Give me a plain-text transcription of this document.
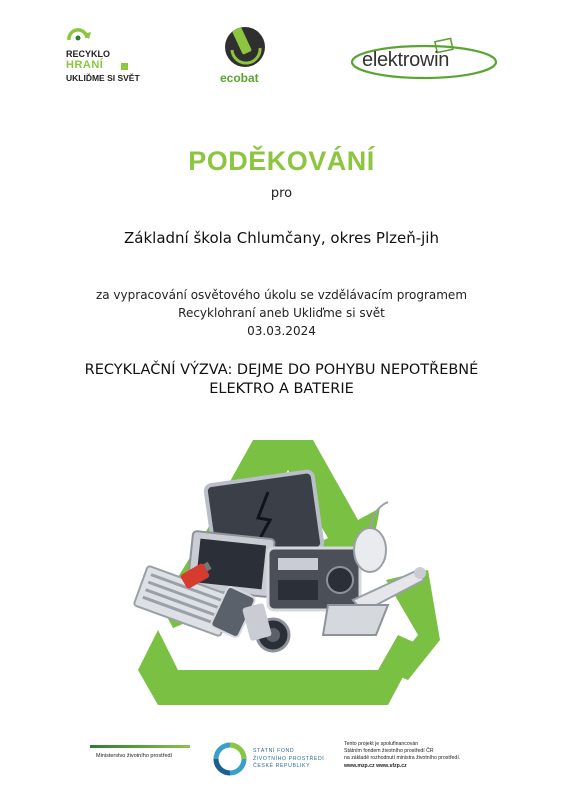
RECYKLO
HRANÍ	...
UKLIĎME SI SVĚT	ecobat
elektrowin
PODĚKOVÁNÍ
pro
Základní škola Chlumčany, okres Plzeň-jih
za vypracování osvětového úkolu se vzdělávacím programem
Recyklohraní aneb Ukliďme si svět
03.03.2024
RECYKLAČNÍ VÝZVA: DEJME DO POHYBU NEPOTŘEBNÉ
ELEKTRO A BATERIE
Ministerstvo životního prostředí
STÁTNÍ FOND
ŽIVOTNÍHO PROSTŘEDÍ
ČESKÉ REPUBLIKY
Tento projekt je spolufinancován
Státním fondem životního prostředí ČR
na základě rozhodnutí ministra životního prostředí.
www.mzp.cz www.sfzp.cz
